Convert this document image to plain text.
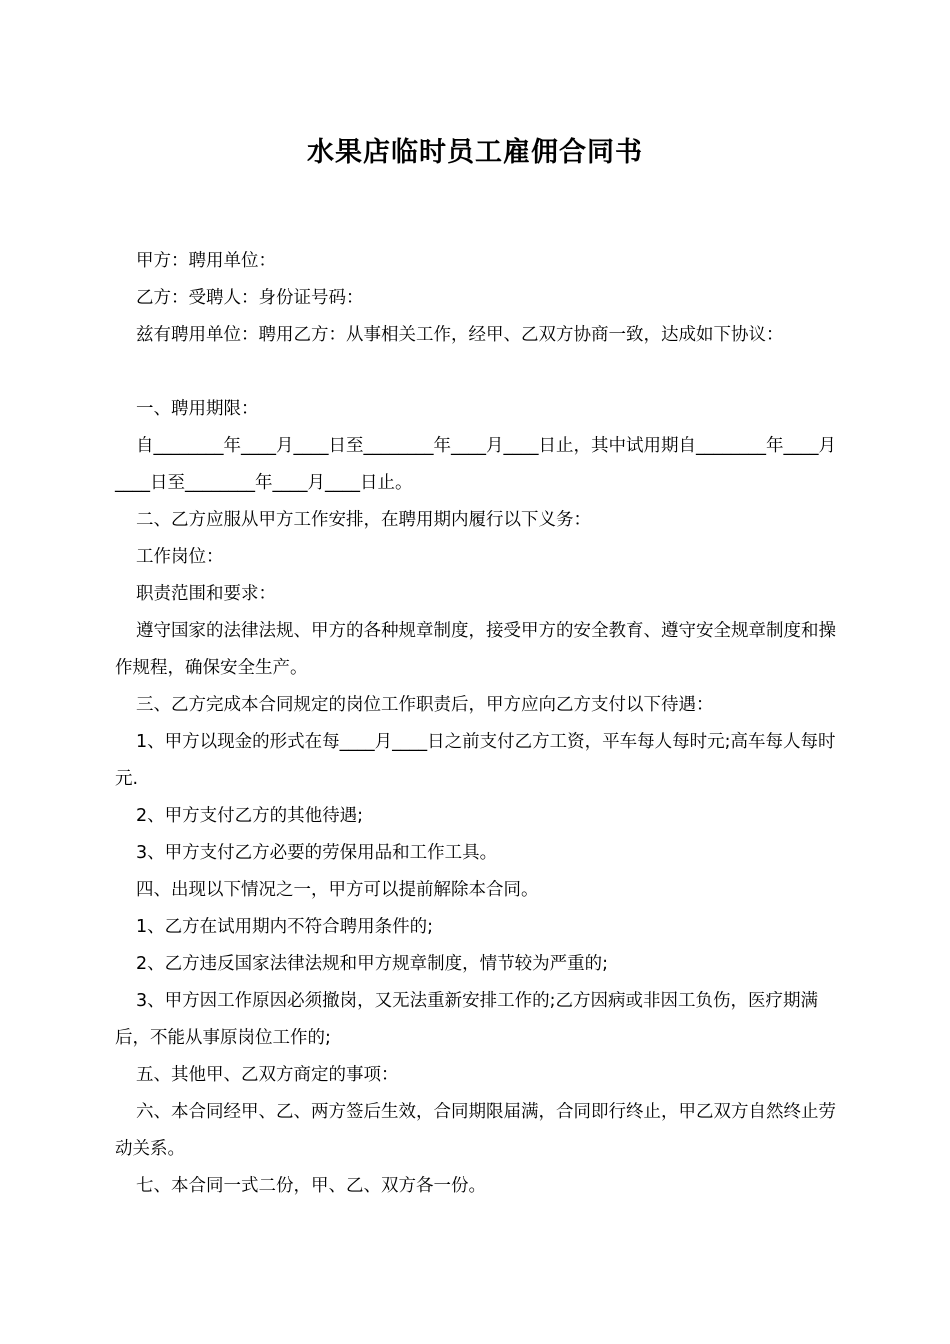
水果店临时员工雇佣合同书

甲方：聘用单位：

乙方：受聘人：身份证号码：

兹有聘用单位：聘用乙方：从事相关工作，经甲、乙双方协商一致，达成如下协议：

一、聘用期限：

自________年____月____日至________年____月____日止，其中试用期自________年____月____日至________年____月____日止。

二、乙方应服从甲方工作安排，在聘用期内履行以下义务：

工作岗位：

职责范围和要求：

遵守国家的法律法规、甲方的各种规章制度，接受甲方的安全教育、遵守安全规章制度和操作规程，确保安全生产。

三、乙方完成本合同规定的岗位工作职责后，甲方应向乙方支付以下待遇：

1、甲方以现金的形式在每____月____日之前支付乙方工资，平车每人每时元;高车每人每时元.

2、甲方支付乙方的其他待遇;

3、甲方支付乙方必要的劳保用品和工作工具。

四、出现以下情况之一，甲方可以提前解除本合同。

1、乙方在试用期内不符合聘用条件的;

2、乙方违反国家法律法规和甲方规章制度，情节较为严重的;

3、甲方因工作原因必须撤岗，又无法重新安排工作的;乙方因病或非因工负伤，医疗期满后，不能从事原岗位工作的;

五、其他甲、乙双方商定的事项：

六、本合同经甲、乙、两方签后生效，合同期限届满，合同即行终止，甲乙双方自然终止劳动关系。

七、本合同一式二份，甲、乙、双方各一份。
